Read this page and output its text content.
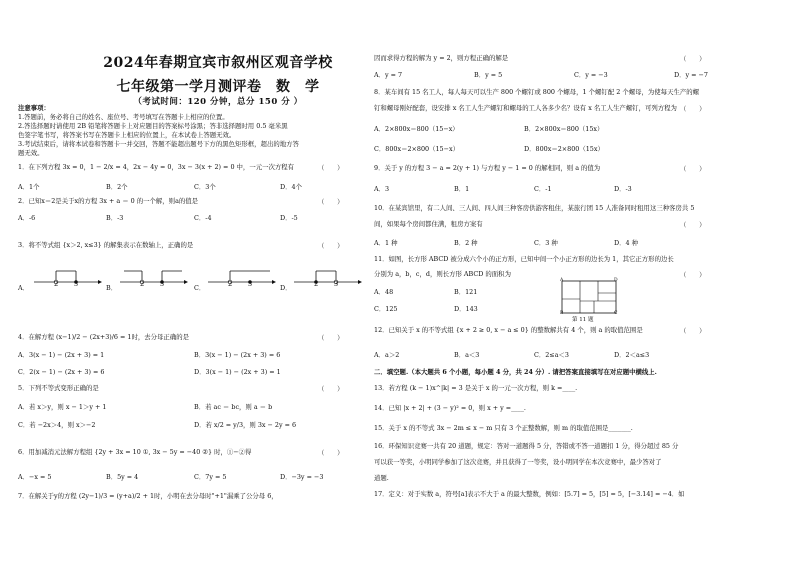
2024年春期宜宾市叙州区观音学校
七年级第一学月测评卷　数　学
（考试时间：120 分钟，总分 150 分 ）
注意事项：
1.答题前，务必将自己的姓名、座位号、考号填写在答题卡上相应的位置。
2.答选择题时请使用 2B 铅笔将答题卡上对应题目的答案标号涂黑；答非选择题时用 0.5 毫米黑
色签字笔书写，将答案书写在答题卡上相应的位置上，在本试卷上答题无效。
3.考试结束后，请将本试卷和答题卡一并交回，答题不能超出题号下方的黑色矩形框，超出的地方答
题无效。
1．在下列方程 3x = 0，1 − 2/x = 4，2x − 4y = 0，3x − 3(x + 2) = 0 中，一元一次方程有	（　　）
A．1个	B．2个	C．3个	D．4个
2．已知x＝2是关于x的方程 3x + a ＝ 0 的一个解，则a的值是	（　　）
A．-6	B．-3	C．-4	D．-5
3．将不等式组 {x＞2, x≤3} 的解集表示在数轴上，正确的是	（　　）
A．	2 3	B．	2 3	C．	2 3	D．	2 3
4．在解方程 (x−1)/2 − (2x+3)/6 = 1时，去分母正确的是	（　　）
A．3(x − 1) − (2x + 3) = 1	B．3(x − 1) − (2x + 3) = 6
C．2(x − 1) − (2x + 3) = 6	D．3(x − 1) − (2x + 3) = 1
5．下列不等式变形正确的是	（　　）
A．若 x＞y，则 x − 1＞y + 1	B．若 ac ＝ bc，则 a ＝ b
C．若 −2x＞4，则 x＞−2	D．若 x/2 = y/3，则 3x − 2y = 6
6．用加减消元法解方程组 {2y + 3x = 10 ①, 3x − 5y = −40 ②} 时，①−②得	（　　）
A．−x = 5	B．5y = 4	C．7y = 5	D．−3y = −3
7．在解关于y的方程 (2y−1)/3 = (y+a)/2 + 1时，小明在去分母时"+1"漏乘了公分母 6，
因而求得方程的解为 y = 2，则方程正确的解是	（　　）
A．y = 7	B．y = 5	C．y = −3	D．y = −7
8．某车间有 15 名工人，每人每天可以生产 800 个螺钉或 800 个螺母，1 个螺钉配 2 个螺母，为使每天生产的螺
钉和螺母刚好配套，设安排 x 名工人生产螺钉和螺母的工人各多少名？设有 x 名工人生产螺钉，可列方程为 （　　）
A．2×800x＝800（15−x）	B．2×800x＝800（15x）
C．800x＝2×800（15−x）	D．800x＝2×800（15x）
9．关于 y 的方程 3 − a = 2(y + 1) 与方程 y − 1 = 0 的解相同，则 a 的值为	（　　）
A．3	B．1	C．-1	D．-3
10．在某宾馆里，有二人间、三人间、四人间三种客房供游客租住，某旅行团 15 人准备同时租用这三种客房共 5
间，如果每个房间都住满，租房方案有	（　　）
A．1 种	B．2 种	C．3 种	D．4 种
11．如图，长方形 ABCD 被分成六个小的正方形，已知中间一个小正方形的边长为 1，其它正方形的边长
分别为 a，b，c，d，则长方形 ABCD 的面积为	（　　）
A．48	B．121
C．125	D．143
A	D
B	C
第 11 题
12．已知关于 x 的不等式组 {x + 2 ≥ 0, x − a ≤ 0} 的整数解共有 4 个，则 a 的取值范围是	（　　）
A．a＞2	B．a＜3	C．2≤a＜3	D．2＜a≤3
二．填空题.（本大题共 6 个小题，每小题 4 分，共 24 分）. 请把答案直接填写在对应题中横线上.
13．若方程 (k − 1)x^|k| = 3 是关于 x 的一元一次方程，则 k =____.
14．已知 |x + 2| + (3 − y)² = 0，则 x + y =____.
15．关于 x 的不等式 3x − 2m ≤ x − m 只有 3 个正整数解，则 m 的取值范围是_______.
16．环保知识竞赛一共有 20 道题，规定：答对一道题得 5 分，答错或不答一道题扣 1 分，得分超过 85 分
可以获一等奖，小明同学参加了这次竞赛，并且获得了一等奖，设小明同学在本次竞赛中，最少答对了
道题.
17．定义：对于实数 a，符号[a]表示不大于 a 的最大整数，例如：[5.7] = 5，[5] = 5，[−3.14] = −4．如
